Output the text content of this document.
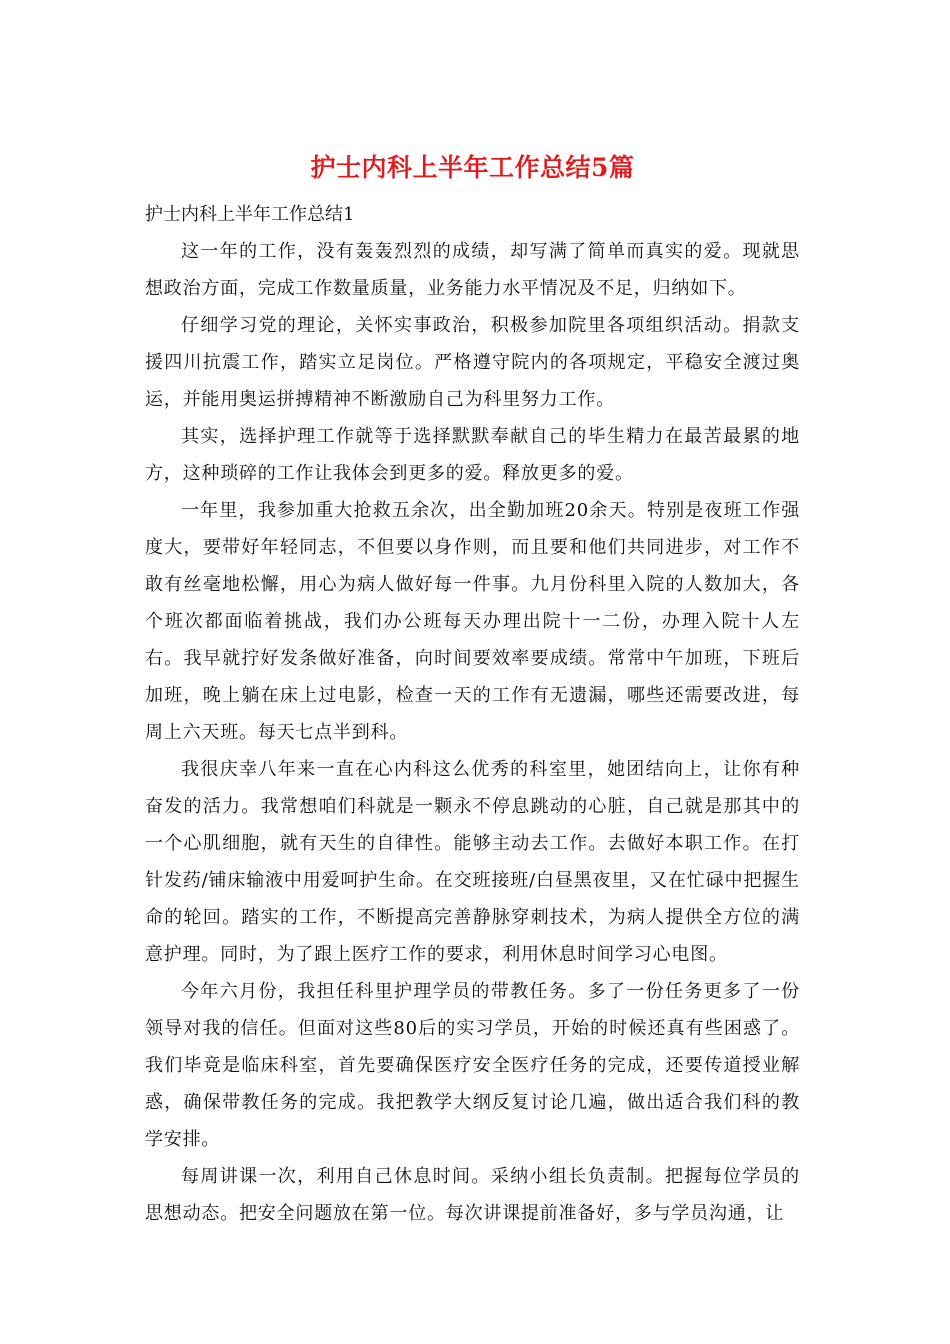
护士内科上半年工作总结5篇

护士内科上半年工作总结1

这一年的工作，没有轰轰烈烈的成绩，却写满了简单而真实的爱。现就思想政治方面，完成工作数量质量，业务能力水平情况及不足，归纳如下。

仔细学习党的理论，关怀实事政治，积极参加院里各项组织活动。捐款支援四川抗震工作，踏实立足岗位。严格遵守院内的各项规定，平稳安全渡过奥运，并能用奥运拼搏精神不断激励自己为科里努力工作。

其实，选择护理工作就等于选择默默奉献自己的毕生精力在最苦最累的地方，这种琐碎的工作让我体会到更多的爱。释放更多的爱。

一年里，我参加重大抢救五余次，出全勤加班20余天。特别是夜班工作强度大，要带好年轻同志，不但要以身作则，而且要和他们共同进步，对工作不敢有丝毫地松懈，用心为病人做好每一件事。九月份科里入院的人数加大，各个班次都面临着挑战，我们办公班每天办理出院十一二份，办理入院十人左右。我早就拧好发条做好准备，向时间要效率要成绩。常常中午加班，下班后加班，晚上躺在床上过电影，检查一天的工作有无遗漏，哪些还需要改进，每周上六天班。每天七点半到科。

我很庆幸八年来一直在心内科这么优秀的科室里，她团结向上，让你有种奋发的活力。我常想咱们科就是一颗永不停息跳动的心脏，自己就是那其中的一个心肌细胞，就有天生的自律性。能够主动去工作。去做好本职工作。在打针发药/铺床输液中用爱呵护生命。在交班接班/白昼黑夜里，又在忙碌中把握生命的轮回。踏实的工作，不断提高完善静脉穿刺技术，为病人提供全方位的满意护理。同时，为了跟上医疗工作的要求，利用休息时间学习心电图。

今年六月份，我担任科里护理学员的带教任务。多了一份任务更多了一份领导对我的信任。但面对这些80后的实习学员，开始的时候还真有些困惑了。我们毕竟是临床科室，首先要确保医疗安全医疗任务的完成，还要传道授业解惑，确保带教任务的完成。我把教学大纲反复讨论几遍，做出适合我们科的教学安排。

每周讲课一次，利用自己休息时间。采纳小组长负责制。把握每位学员的思想动态。把安全问题放在第一位。每次讲课提前准备好，多与学员沟通，让
